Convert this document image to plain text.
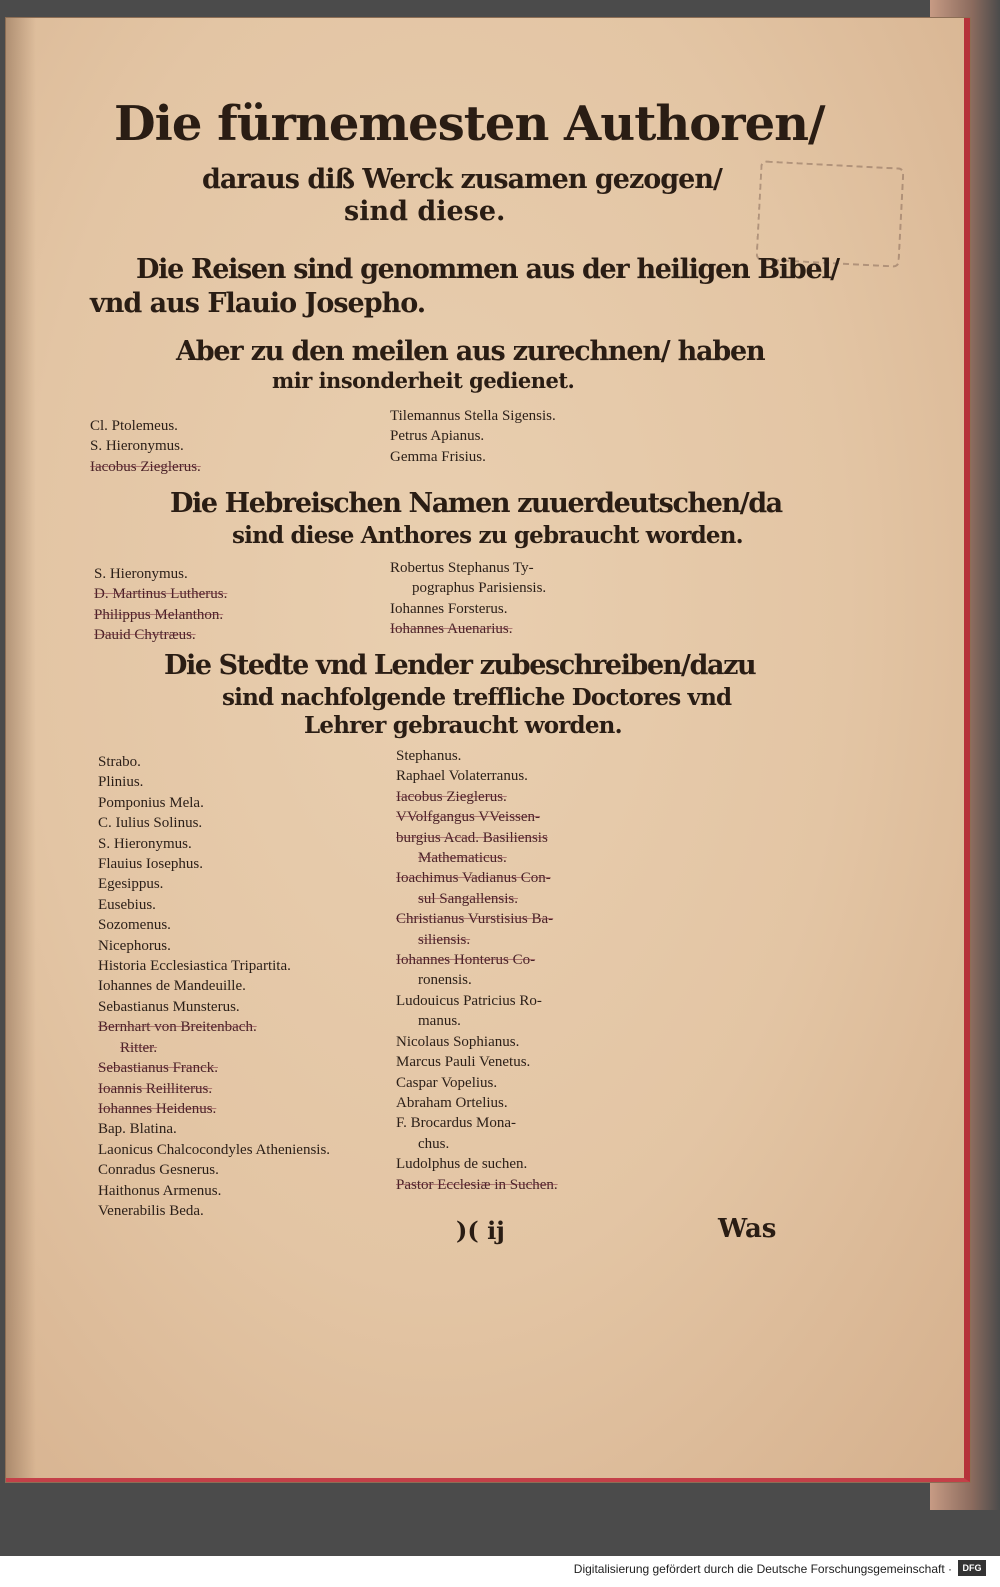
Die fürnemesten Authoren/
daraus diß Werck zusamen gezogen/
sind diese.
Die Reisen sind genommen aus der heiligen Bibel/
vnd aus Flauio Josepho.
Aber zu den meilen aus zurechnen/ haben
mir insonderheit gedienet.
Cl. Ptolemeus.
S. Hieronymus.
Iacobus Zieglerus.
Tilemannus Stella Sigensis.
Petrus Apianus.
Gemma Frisius.
Die Hebreischen Namen zuuerdeutschen/da
sind diese Anthores zu gebraucht worden.
S. Hieronymus.
D. Martinus Lutherus.
Philippus Melanthon.
Dauid Chytræus.
Robertus Stephanus Ty-
pographus Parisiensis.
Iohannes Forsterus.
Iohannes Auenarius.
Die Stedte vnd Lender zubeschreiben/dazu
sind nachfolgende treffliche Doctores vnd
Lehrer gebraucht worden.
Strabo.
Plinius.
Pomponius Mela.
C. Iulius Solinus.
S. Hieronymus.
Flauius Iosephus.
Egesippus.
Eusebius.
Sozomenus.
Nicephorus.
Historia Ecclesiastica Tripartita.
Iohannes de Mandeuille.
Sebastianus Munsterus.
Bernhart von Breitenbach.
Ritter.
Sebastianus Franck.
Ioannis Reilliterus.
Iohannes Heidenus.
Bap. Blatina.
Laonicus Chalcocondyles Atheniensis.
Conradus Gesnerus.
Haithonus Armenus.
Venerabilis Beda.
Stephanus.
Raphael Volaterranus.
Iacobus Zieglerus.
VVolfgangus VVeissen-
burgius Acad. Basiliensis
Mathematicus.
Ioachimus Vadianus Con-
sul Sangallensis.
Christianus Vurstisius Ba-
siliensis.
Iohannes Honterus Co-
ronensis.
Ludouicus Patricius Ro-
manus.
Nicolaus Sophianus.
Marcus Pauli Venetus.
Caspar Vopelius.
Abraham Ortelius.
F. Brocardus Mona-
chus.
Ludolphus de suchen.
Pastor Ecclesiæ in Suchen.
)( ij	Was
Digitalisierung gefördert durch die Deutsche Forschungsgemeinschaft ·	DFG
